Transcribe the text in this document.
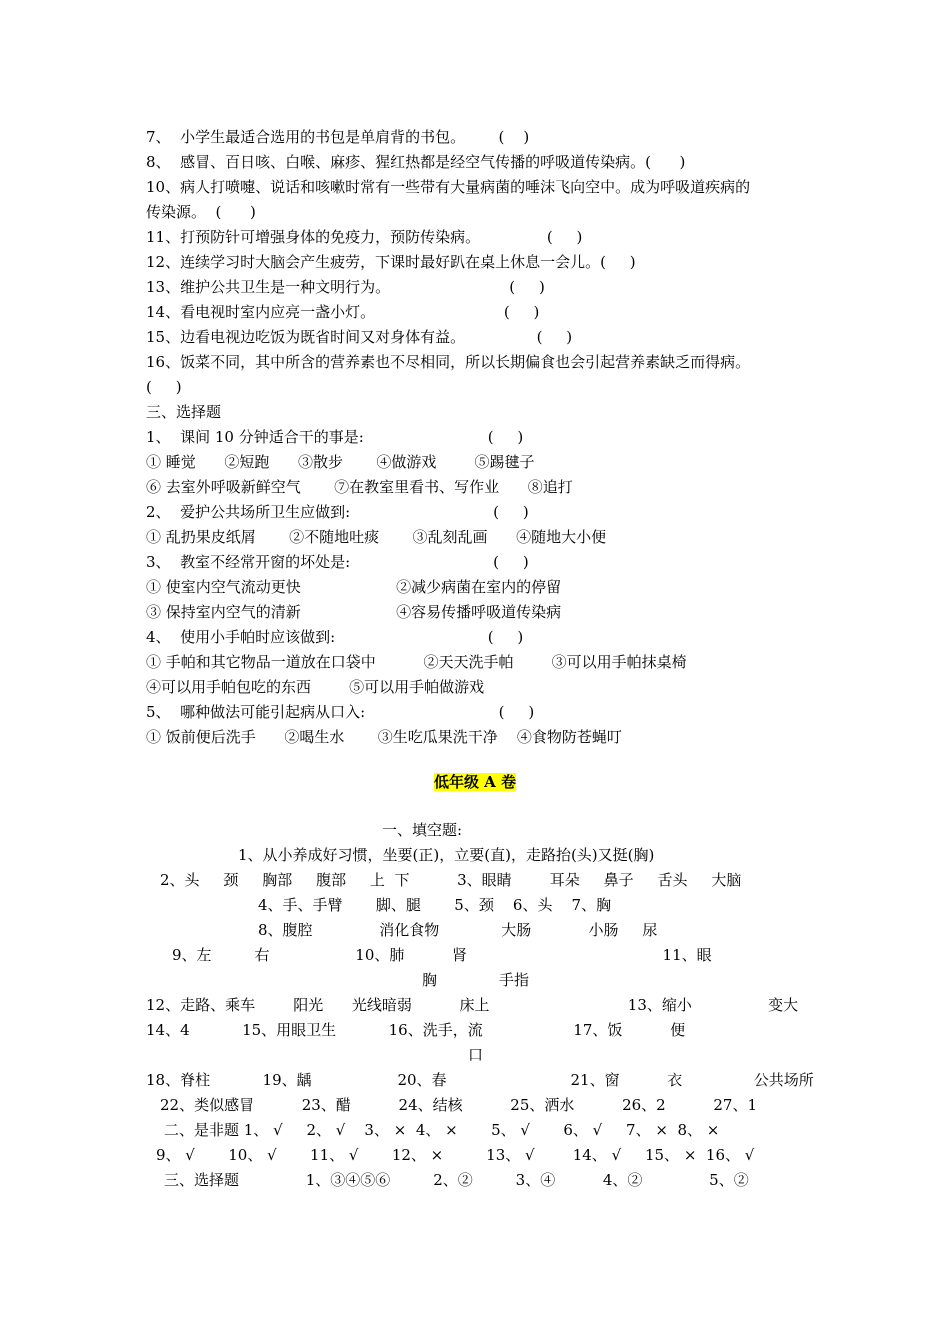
7、  小学生最适合选用的书包是单肩背的书包。       (    )
8、  感冒、百日咳、白喉、麻疹、猩红热都是经空气传播的呼吸道传染病。(      )
10、病人打喷嚏、说话和咳嗽时常有一些带有大量病菌的唾沫飞向空中。成为呼吸道疾病的
传染源。  (      )
11、打预防针可增强身体的免疫力，预防传染病。              (     )
12、连续学习时大脑会产生疲劳，下课时最好趴在桌上休息一会儿。(     )
13、维护公共卫生是一种文明行为。                         (     )
14、看电视时室内应亮一盏小灯。                           (     )
15、边看电视边吃饭为既省时间又对身体有益。               (     )
16、饭菜不同，其中所含的营养素也不尽相同，所以长期偏食也会引起营养素缺乏而得病。
(     )
三、选择题
1、  课间 10 分钟适合干的事是:                          (     )
① 睡觉      ②短跑      ③散步       ④做游戏        ⑤踢毽子
⑥ 去室外呼吸新鲜空气       ⑦在教室里看书、写作业      ⑧追打
2、  爱护公共场所卫生应做到:                              (     )
① 乱扔果皮纸屑       ②不随地吐痰       ③乱刻乱画      ④随地大小便
3、  教室不经常开窗的坏处是:                              (     )
① 使室内空气流动更快                    ②减少病菌在室内的停留
③ 保持室内空气的清新                    ④容易传播呼吸道传染病
4、  使用小手帕时应该做到:                                (     )
① 手帕和其它物品一道放在口袋中          ②天天洗手帕        ③可以用手帕抹桌椅
④可以用手帕包吃的东西        ⑤可以用手帕做游戏
5、  哪种做法可能引起病从口入:                            (     )
① 饭前便后洗手      ②喝生水       ③生吃瓜果洗干净    ④食物防苍蝇叮
低年级 A 卷
一、填空题:
1、从小养成好习惯，坐要(正)，立要(直)，走路抬(头)又挺(胸)
2、头     颈     胸部     腹部     上  下          3、眼睛        耳朵     鼻子     舌头     大脑
4、手、手臂       脚、腿       5、颈    6、头    7、胸
8、腹腔              消化食物             大肠            小肠     尿
9、左         右                  10、肺          肾                                         11、眼
胸             手指
12、走路、乘车        阳光      光线暗弱          床上                             13、缩小                变大
14、4           15、用眼卫生           16、洗手，流                   17、饭          便
口
18、脊柱           19、龋                  20、春                          21、窗          衣               公共场所
22、类似感冒          23、醋          24、结核          25、洒水          26、2          27、1
二、是非题 1、 √     2、 √    3、 ×  4、 ×       5、 √       6、 √     7、 ×  8、 ×
9、 √       10、 √       11、 √       12、 ×         13、 √        14、 √     15、 ×  16、 √
三、选择题              1、③④⑤⑥         2、②         3、④          4、②              5、②
